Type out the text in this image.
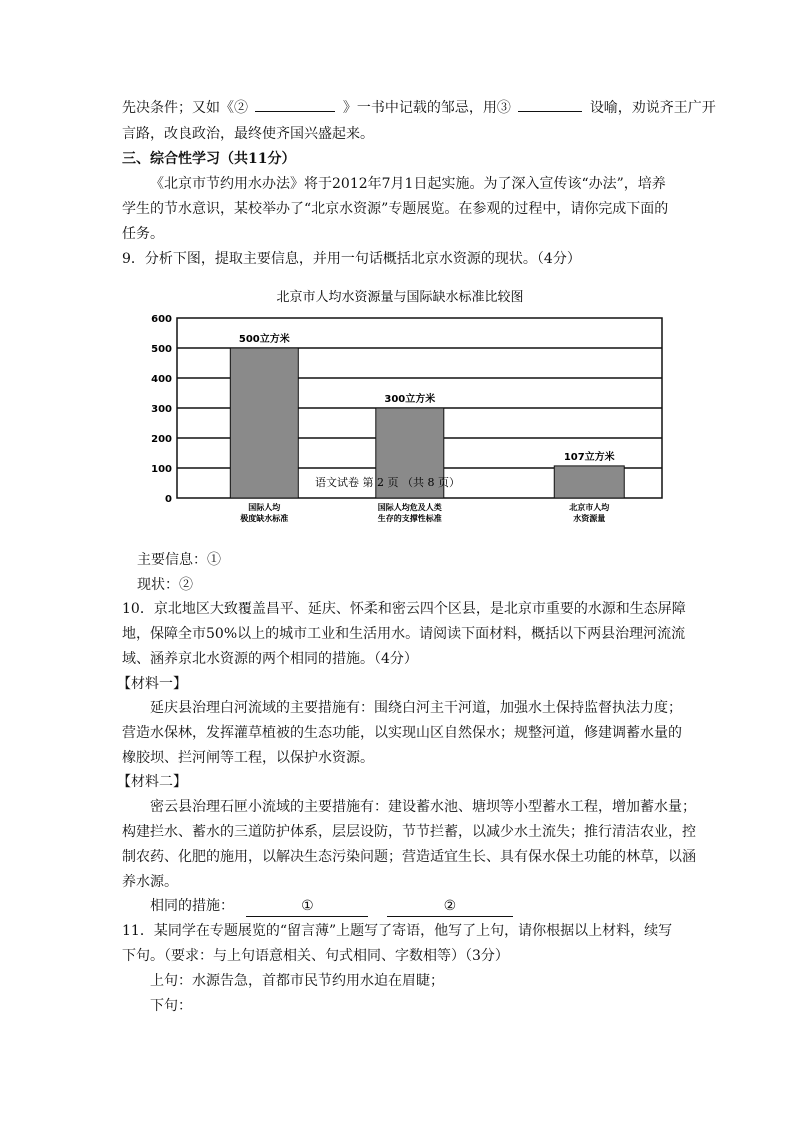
先决条件；又如《②	》一书中记载的邹忌，用③	设喻，劝说齐王广开
言路，改良政治，最终使齐国兴盛起来。
三、综合性学习（共11分）
《北京市节约用水办法》将于2012年7月1日起实施。为了深入宣传该“办法”，培养
学生的节水意识，某校举办了“北京水资源”专题展览。在参观的过程中，请你完成下面的
任务。
9．分析下图，提取主要信息，并用一句话概括北京水资源的现状。（4分）
北京市人均水资源量与国际缺水标准比较图
0
100
200
300
400
500
600
500立方米
国际人均
极度缺水标准
300立方米
国际人均危及人类
生存的支撑性标准
107立方米
北京市人均
水资源量
语文试卷 第 2 页 （共 8 页）
主要信息：①
现状：②
10．京北地区大致覆盖昌平、延庆、怀柔和密云四个区县，是北京市重要的水源和生态屏障
地，保障全市50%以上的城市工业和生活用水。请阅读下面材料，概括以下两县治理河流流
域、涵养京北水资源的两个相同的措施。（4分）
【材料一】
延庆县治理白河流域的主要措施有：围绕白河主干河道，加强水土保持监督执法力度；
营造水保林，发挥灌草植被的生态功能，以实现山区自然保水；规整河道，修建调蓄水量的
橡胶坝、拦河闸等工程，以保护水资源。
【材料二】
密云县治理石匣小流域的主要措施有：建设蓄水池、塘坝等小型蓄水工程，增加蓄水量；
构建拦水、蓄水的三道防护体系，层层设防，节节拦蓄，以减少水土流失；推行清洁农业，控
制农药、化肥的施用，以解决生态污染问题；营造适宜生长、具有保水保土功能的林草，以涵
养水源。
相同的措施：	①	②
11．某同学在专题展览的“留言薄”上题写了寄语，他写了上句，请你根据以上材料，续写
下句。（要求：与上句语意相关、句式相同、字数相等）（3分）
上句：水源告急，首都市民节约用水迫在眉睫；
下句：
